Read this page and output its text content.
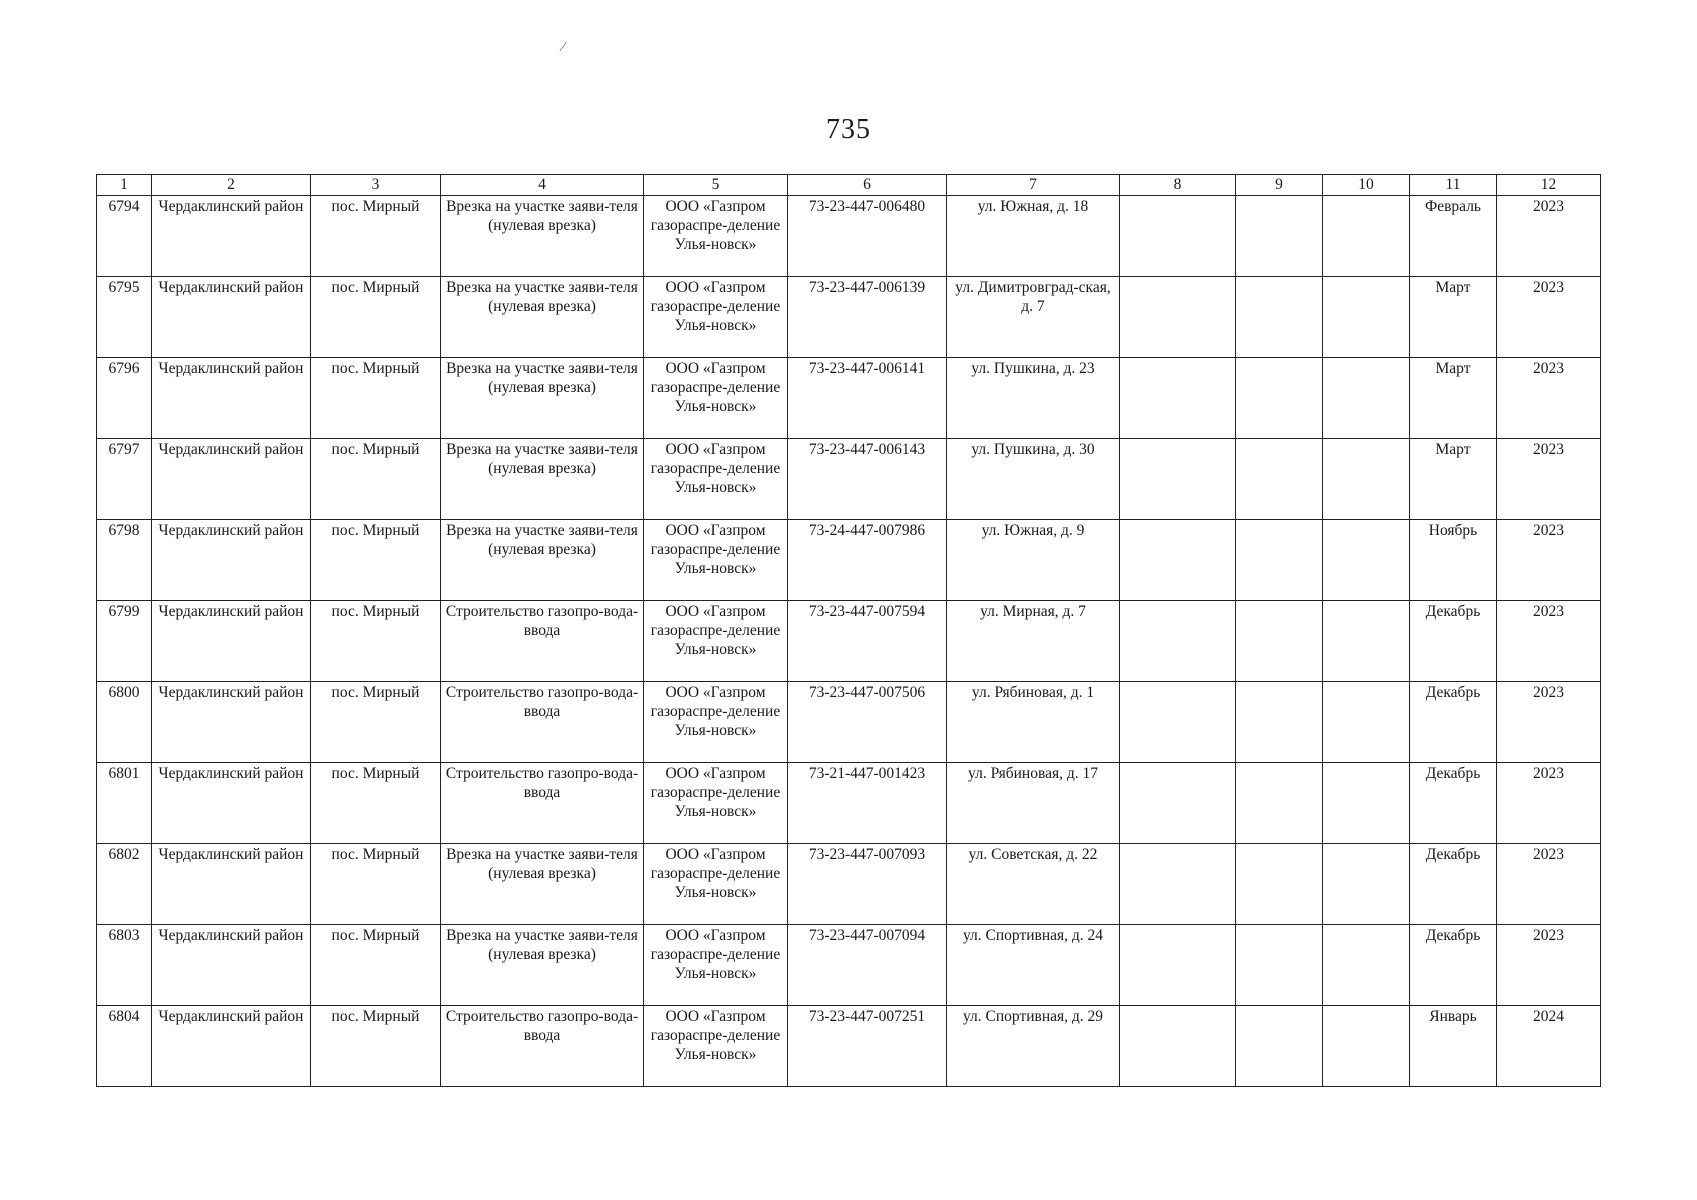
⁄
735
1	2	3	4	5	6	7	8	9	10	11	12
6794	Чердаклинский район	пос. Мирный	Врезка на участке заяви-теля (нулевая врезка)	ООО «Газпром газораспре-деление Улья-новск»	73-23-447-006480	ул. Южная, д. 18				Февраль	2023
6795	Чердаклинский район	пос. Мирный	Врезка на участке заяви-теля (нулевая врезка)	ООО «Газпром газораспре-деление Улья-новск»	73-23-447-006139	ул. Димитровград-ская, д. 7				Март	2023
6796	Чердаклинский район	пос. Мирный	Врезка на участке заяви-теля (нулевая врезка)	ООО «Газпром газораспре-деление Улья-новск»	73-23-447-006141	ул. Пушкина, д. 23				Март	2023
6797	Чердаклинский район	пос. Мирный	Врезка на участке заяви-теля (нулевая врезка)	ООО «Газпром газораспре-деление Улья-новск»	73-23-447-006143	ул. Пушкина, д. 30				Март	2023
6798	Чердаклинский район	пос. Мирный	Врезка на участке заяви-теля (нулевая врезка)	ООО «Газпром газораспре-деление Улья-новск»	73-24-447-007986	ул. Южная, д. 9				Ноябрь	2023
6799	Чердаклинский район	пос. Мирный	Строительство газопро-вода-ввода	ООО «Газпром газораспре-деление Улья-новск»	73-23-447-007594	ул. Мирная, д. 7				Декабрь	2023
6800	Чердаклинский район	пос. Мирный	Строительство газопро-вода-ввода	ООО «Газпром газораспре-деление Улья-новск»	73-23-447-007506	ул. Рябиновая, д. 1				Декабрь	2023
6801	Чердаклинский район	пос. Мирный	Строительство газопро-вода-ввода	ООО «Газпром газораспре-деление Улья-новск»	73-21-447-001423	ул. Рябиновая, д. 17				Декабрь	2023
6802	Чердаклинский район	пос. Мирный	Врезка на участке заяви-теля (нулевая врезка)	ООО «Газпром газораспре-деление Улья-новск»	73-23-447-007093	ул. Советская, д. 22				Декабрь	2023
6803	Чердаклинский район	пос. Мирный	Врезка на участке заяви-теля (нулевая врезка)	ООО «Газпром газораспре-деление Улья-новск»	73-23-447-007094	ул. Спортивная, д. 24				Декабрь	2023
6804	Чердаклинский район	пос. Мирный	Строительство газопро-вода-ввода	ООО «Газпром газораспре-деление Улья-новск»	73-23-447-007251	ул. Спортивная, д. 29				Январь	2024
